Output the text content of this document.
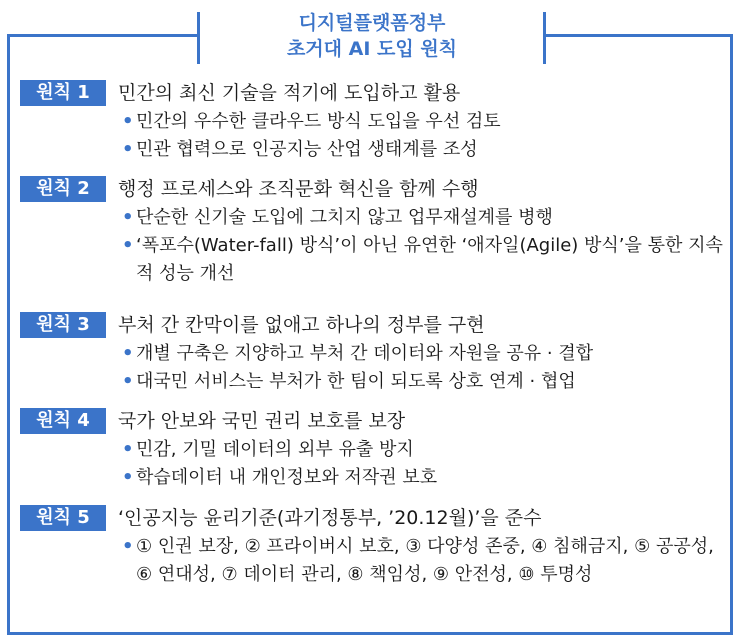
디지털플랫폼정부
초거대 AI 도입 원칙
원칙 1	민간의 최신 기술을 적기에 도입하고 활용
• 민간의 우수한 클라우드 방식 도입을 우선 검토
• 민관 협력으로 인공지능 산업 생태계를 조성
원칙 2	행정 프로세스와 조직문화 혁신을 함께 수행
• 단순한 신기술 도입에 그치지 않고 업무재설계를 병행
• ‘폭포수(Water-fall) 방식’이 아닌 유연한 ‘애자일(Agile) 방식’을 통한 지속적 성능 개선
원칙 3	부처 간 칸막이를 없애고 하나의 정부를 구현
• 개별 구축은 지양하고 부처 간 데이터와 자원을 공유 · 결합
• 대국민 서비스는 부처가 한 팀이 되도록 상호 연계 · 협업
원칙 4	국가 안보와 국민 권리 보호를 보장
• 민감, 기밀 데이터의 외부 유출 방지
• 학습데이터 내 개인정보와 저작권 보호
원칙 5	‘인공지능 윤리기준(과기정통부, ’20.12월)’을 준수
• ① 인권 보장, ② 프라이버시 보호, ③ 다양성 존중, ④ 침해금지, ⑤ 공공성, ⑥ 연대성, ⑦ 데이터 관리, ⑧ 책임성, ⑨ 안전성, ⑩ 투명성
